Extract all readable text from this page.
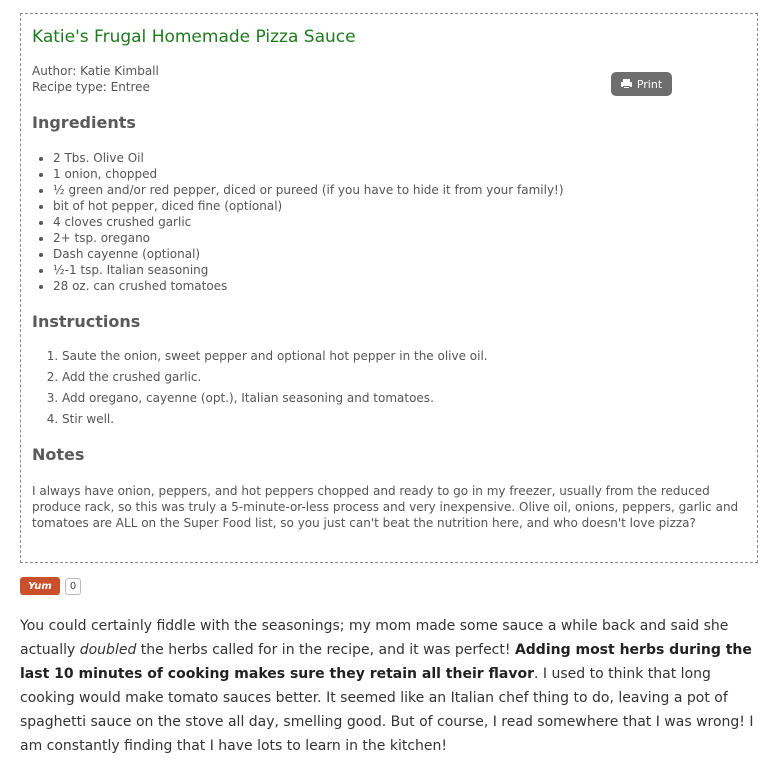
Katie's Frugal Homemade Pizza Sauce
Author: Katie Kimball
Recipe type: Entree	Print
Ingredients
• 2 Tbs. Olive Oil
• 1 onion, chopped
• ½ green and/or red pepper, diced or pureed (if you have to hide it from your family!)
• bit of hot pepper, diced fine (optional)
• 4 cloves crushed garlic
• 2+ tsp. oregano
• Dash cayenne (optional)
• ½-1 tsp. Italian seasoning
• 28 oz. can crushed tomatoes
Instructions
1. Saute the onion, sweet pepper and optional hot pepper in the olive oil.
2. Add the crushed garlic.
3. Add oregano, cayenne (opt.), Italian seasoning and tomatoes.
4. Stir well.
Notes

I always have onion, peppers, and hot peppers chopped and ready to go in my freezer, usually from the reduced produce rack, so this was truly a 5-minute-or-less process and very inexpensive. Olive oil, onions, peppers, garlic and tomatoes are ALL on the Super Food list, so you just can't beat the nutrition here, and who doesn't love pizza?

Yum	0

You could certainly fiddle with the seasonings; my mom made some sauce a while back and said she actually doubled the herbs called for in the recipe, and it was perfect! Adding most herbs during the last 10 minutes of cooking makes sure they retain all their flavor. I used to think that long cooking would make tomato sauces better. It seemed like an Italian chef thing to do, leaving a pot of spaghetti sauce on the stove all day, smelling good. But of course, I read somewhere that I was wrong! I am constantly finding that I have lots to learn in the kitchen!
